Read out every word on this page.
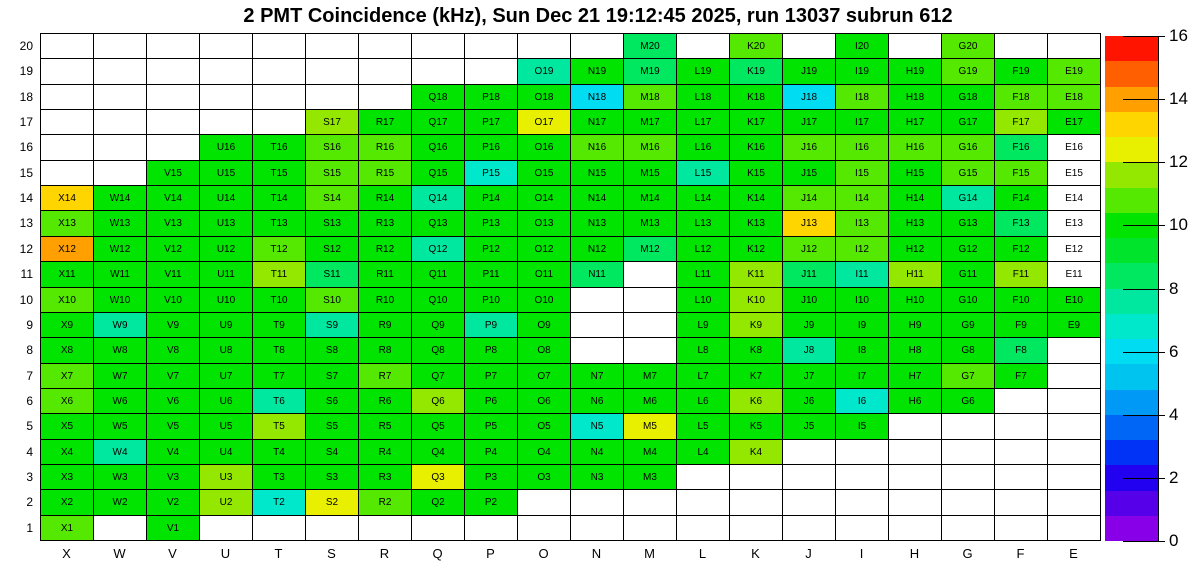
2 PMT Coincidence (kHz), Sun Dec 21 19:12:45 2025, run 13037 subrun 612
M20	K20	I20	G20
O19	N19	M19	L19	K19	J19	I19	H19	G19	F19	E19
Q18	P18	O18	N18	M18	L18	K18	J18	I18	H18	G18	F18	E18
S17	R17	Q17	P17	O17	N17	M17	L17	K17	J17	I17	H17	G17	F17	E17
U16	T16	S16	R16	Q16	P16	O16	N16	M16	L16	K16	J16	I16	H16	G16	F16	E16
V15	U15	T15	S15	R15	Q15	P15	O15	N15	M15	L15	K15	J15	I15	H15	G15	F15	E15
X14	W14	V14	U14	T14	S14	R14	Q14	P14	O14	N14	M14	L14	K14	J14	I14	H14	G14	F14	E14
X13	W13	V13	U13	T13	S13	R13	Q13	P13	O13	N13	M13	L13	K13	J13	I13	H13	G13	F13	E13
X12	W12	V12	U12	T12	S12	R12	Q12	P12	O12	N12	M12	L12	K12	J12	I12	H12	G12	F12	E12
X11	W11	V11	U11	T11	S11	R11	Q11	P11	O11	N11	L11	K11	J11	I11	H11	G11	F11	E11
X10	W10	V10	U10	T10	S10	R10	Q10	P10	O10	L10	K10	J10	I10	H10	G10	F10	E10
X9	W9	V9	U9	T9	S9	R9	Q9	P9	O9	L9	K9	J9	I9	H9	G9	F9	E9
X8	W8	V8	U8	T8	S8	R8	Q8	P8	O8	L8	K8	J8	I8	H8	G8	F8
X7	W7	V7	U7	T7	S7	R7	Q7	P7	O7	N7	M7	L7	K7	J7	I7	H7	G7	F7
X6	W6	V6	U6	T6	S6	R6	Q6	P6	O6	N6	M6	L6	K6	J6	I6	H6	G6
X5	W5	V5	U5	T5	S5	R5	Q5	P5	O5	N5	M5	L5	K5	J5	I5
X4	W4	V4	U4	T4	S4	R4	Q4	P4	O4	N4	M4	L4	K4
X3	W3	V3	U3	T3	S3	R3	Q3	P3	O3	N3	M3
X2	W2	V2	U2	T2	S2	R2	Q2	P2
X1	V1
20
19
18
17
16
15
14
13
12
11
10
9
8
7
6
5
4
3
2
1
X	W	V	U	T	S	R	Q	P	O	N	M	L	K	J	I	H	G	F	E
0
2
4
6
8
10
12
14
16
